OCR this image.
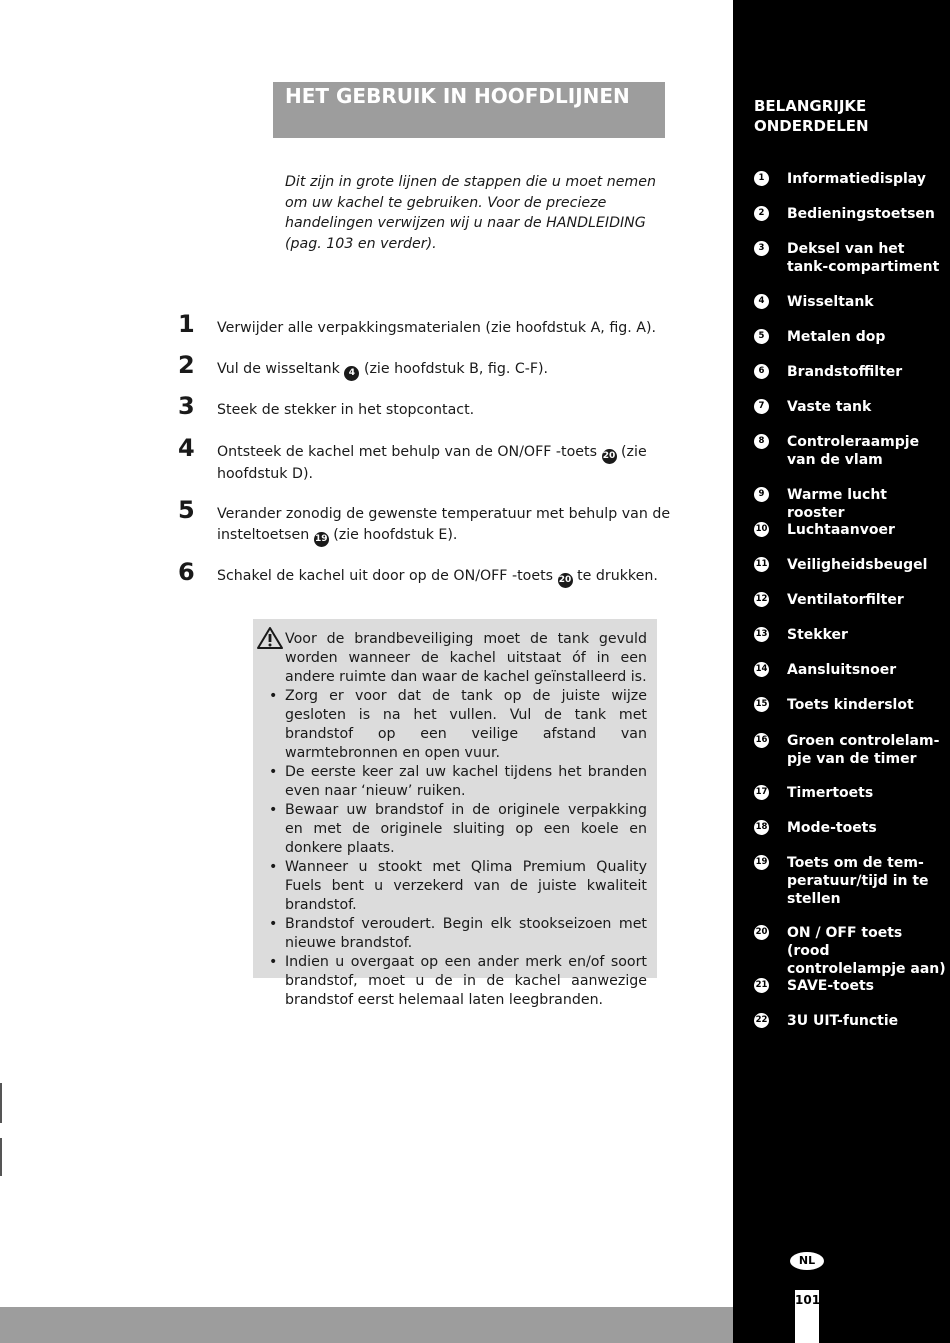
HET GEBRUIK IN HOOFDLIJNEN

Dit zijn in grote lijnen de stappen die u moet nemen om uw kachel te gebruiken. Voor de precieze handelingen verwijzen wij u naar de HANDLEIDING (pag. 103 en verder).

1 Verwijder alle verpakkingsmaterialen (zie hoofdstuk A, fig. A).
2 Vul de wisseltank 4 (zie hoofdstuk B, fig. C-F).
3 Steek de stekker in het stopcontact.
4 Ontsteek de kachel met behulp van de ON/OFF -toets 20 (zie hoofdstuk D).
5 Verander zonodig de gewenste temperatuur met behulp van de insteltoetsen 19 (zie hoofdstuk E).
6 Schakel de kachel uit door op de ON/OFF -toets 20 te drukken.

Voor de brandbeveiliging moet de tank gevuld worden wanneer de kachel uitstaat óf in een andere ruimte dan waar de kachel geïnstalleerd is.

• Zorg er voor dat de tank op de juiste wijze gesloten is na het vullen. Vul de tank met brandstof op een veilige afstand van warmtebronnen en open vuur.
• De eerste keer zal uw kachel tijdens het branden even naar ‘nieuw’ ruiken.
• Bewaar uw brandstof in de originele verpakking en met de originele sluiting op een koele en donkere plaats.
• Wanneer u stookt met Qlima Premium Quality Fuels bent u verzekerd van de juiste kwaliteit brandstof.
• Brandstof veroudert. Begin elk stookseizoen met nieuwe brandstof.
• Indien u overgaat op een ander merk en/of soort brandstof, moet u de in de kachel aanwezige brandstof eerst helemaal laten leegbranden.
BELANGRIJKE ONDERDELEN
1	Informatiedisplay
2	Bedieningstoetsen
3	Deksel van het tank-compartiment
4	Wisseltank
5	Metalen dop
6	Brandstoffilter
7	Vaste tank
8	Controleraampje van de vlam
9	Warme lucht rooster
10 Luchtaanvoer
11 Veiligheidsbeugel
12 Ventilatorfilter
13 Stekker
14 Aansluitsnoer
15 Toets kinderslot
16 Groen controlelam-pje van de timer
17 Timertoets
18 Mode-toets
19 Toets om de tem-peratuur/tijd in te stellen
20 ON / OFF toets (rood controlelampje aan)
21 SAVE-toets
22 3U UIT-functie
NL
101
